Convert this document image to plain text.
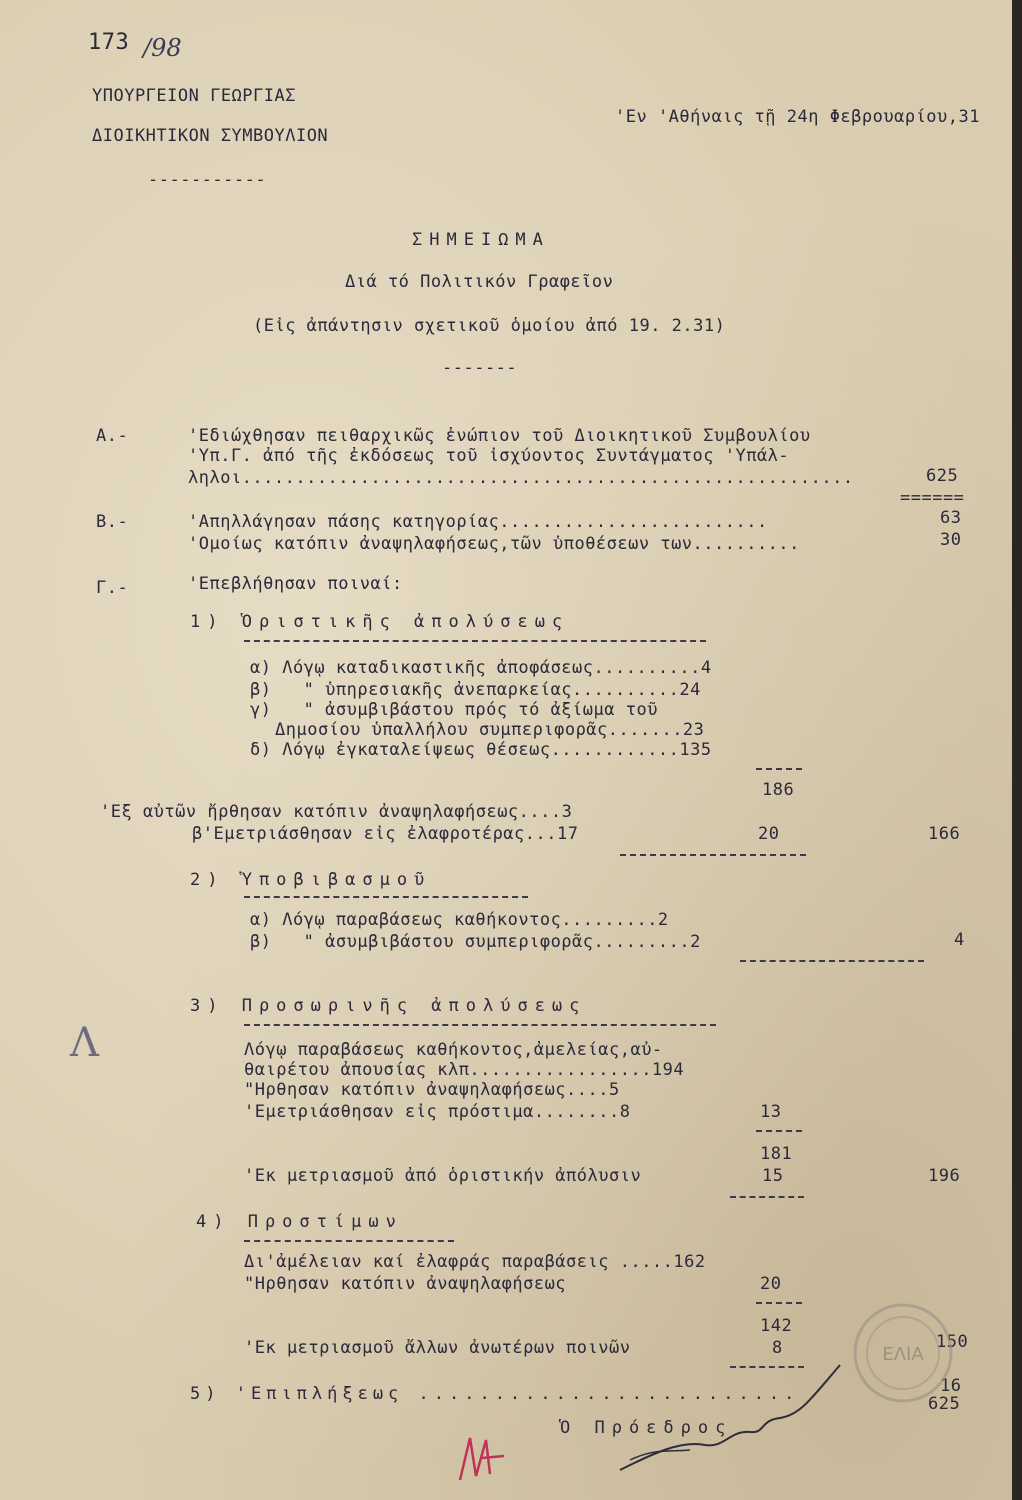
173 /98
ΥΠΟΥΡΓΕΙΟΝ ΓΕΩΡΓΙΑΣ
ΔΙΟΙΚΗΤΙΚΟΝ ΣΥΜΒΟΥΛΙΟΝ
'Εν 'Αθήναις τῇ 24η Φεβρουαρίου,31
-----------
ΣΗΜΕΙΩΜΑ
Διά τό Πολιτικόν Γραφεῖον
(Εἰς ἀπάντησιν σχετικοῦ ὁμοίου ἀπό 19. 2.31)
-------
Α.-	'Εδιώχθησαν πειθαρχικῶς ἐνώπιον τοῦ Διοικητικοῦ Συμβουλίου
'Υπ.Γ. ἀπό τῆς ἐκδόσεως τοῦ ἰσχύοντος Συντάγματος 'Υπάλ-
ληλοι.........................................................	625
======
Β.-	'Απηλλάγησαν πάσης κατηγορίας.........................	63
'Ομοίως κατόπιν ἀναψηλαφήσεως,τῶν ὑποθέσεων των..........	30
Γ.-	'Επεβλήθησαν ποιναί:
1) Ὁριστικῆς ἀπολύσεως
α) Λόγῳ καταδικαστικῆς ἀποφάσεως..........4
β)   " ὑπηρεσιακῆς ἀνεπαρκείας..........24
γ)   " ἀσυμβιβάστου πρός τό ἀξίωμα τοῦ
Δημοσίου ὑπαλλήλου συμπεριφορᾶς.......23
δ) Λόγῳ ἐγκαταλείψεως θέσεως............135
186
'Εξ αὐτῶν ἤρθησαν κατόπιν ἀναψηλαφήσεως....3
β'Εμετριάσθησαν εἰς ἐλαφροτέρας...17	20	166
2) Ὑποβιβασμοῦ
α) Λόγῳ παραβάσεως καθήκοντος.........2
β)   " ἀσυμβιβάστου συμπεριφορᾶς.........2	4
3) Προσωρινῆς ἀπολύσεως
Λόγῳ παραβάσεως καθήκοντος,ἀμελείας,αὐ-
θαιρέτου ἀπουσίας κλπ.................194
"Ηρθησαν κατόπιν ἀναψηλαφήσεως....5
'Εμετριάσθησαν εἰς πρόστιμα........8	13
181
'Εκ μετριασμοῦ ἀπό ὁριστικήν ἀπόλυσιν	15	196
4) Προστίμων
Δι'ἀμέλειαν καί ἐλαφράς παραβάσεις .....162
"Ηρθησαν κατόπιν ἀναψηλαφήσεως	20
142
'Εκ μετριασμοῦ ἄλλων ἀνωτέρων ποινῶν	8	150
5) 'Επιπλήξεως .........................	16
625
Ὁ Πρόεδρος
Λ
ΕΛΙΑ
